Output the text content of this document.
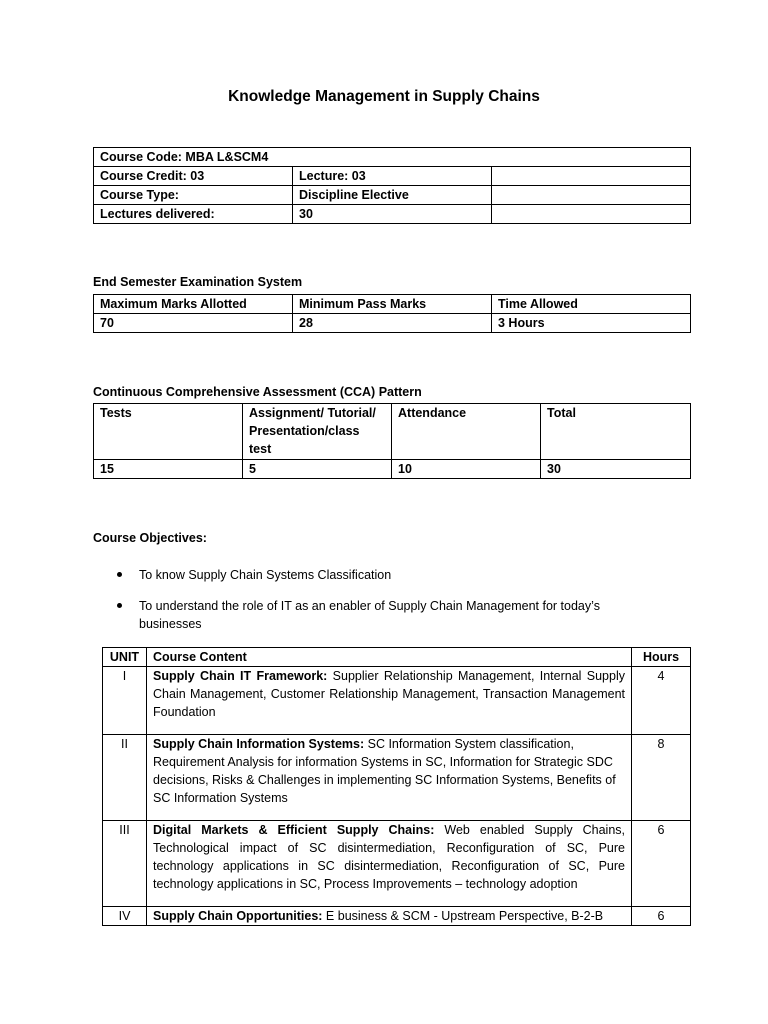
Knowledge Management in Supply Chains
Course Code: MBA L&SCM4		
Course Credit: 03	Lecture: 03	
Course Type:	Discipline Elective	
Lectures delivered:	30	
End Semester Examination System
Maximum Marks Allotted	Minimum Pass Marks	Time Allowed
70	28	3 Hours
Continuous Comprehensive Assessment (CCA) Pattern
Tests	Assignment/ Tutorial/ Presentation/class test	Attendance	Total
15	5	10	30
Course Objectives:
To know Supply Chain Systems Classification
To understand the role of IT as an enabler of Supply Chain Management for today’s businesses
UNIT	Course Content	Hours
I	Supply Chain IT Framework: Supplier Relationship Management, Internal Supply Chain Management, Customer Relationship Management, Transaction Management Foundation	4
II	Supply Chain Information Systems: SC Information System classification, Requirement Analysis for information Systems in SC, Information for Strategic SDC decisions, Risks & Challenges in implementing SC Information Systems, Benefits of SC Information Systems	8
III	Digital Markets & Efficient Supply Chains: Web enabled Supply Chains, Technological impact of SC disintermediation, Reconfiguration of SC, Pure technology applications in SC disintermediation, Reconfiguration of SC, Pure technology applications in SC, Process Improvements – technology adoption	6
IV	Supply Chain Opportunities: E business & SCM - Upstream Perspective, B-2-B	6
